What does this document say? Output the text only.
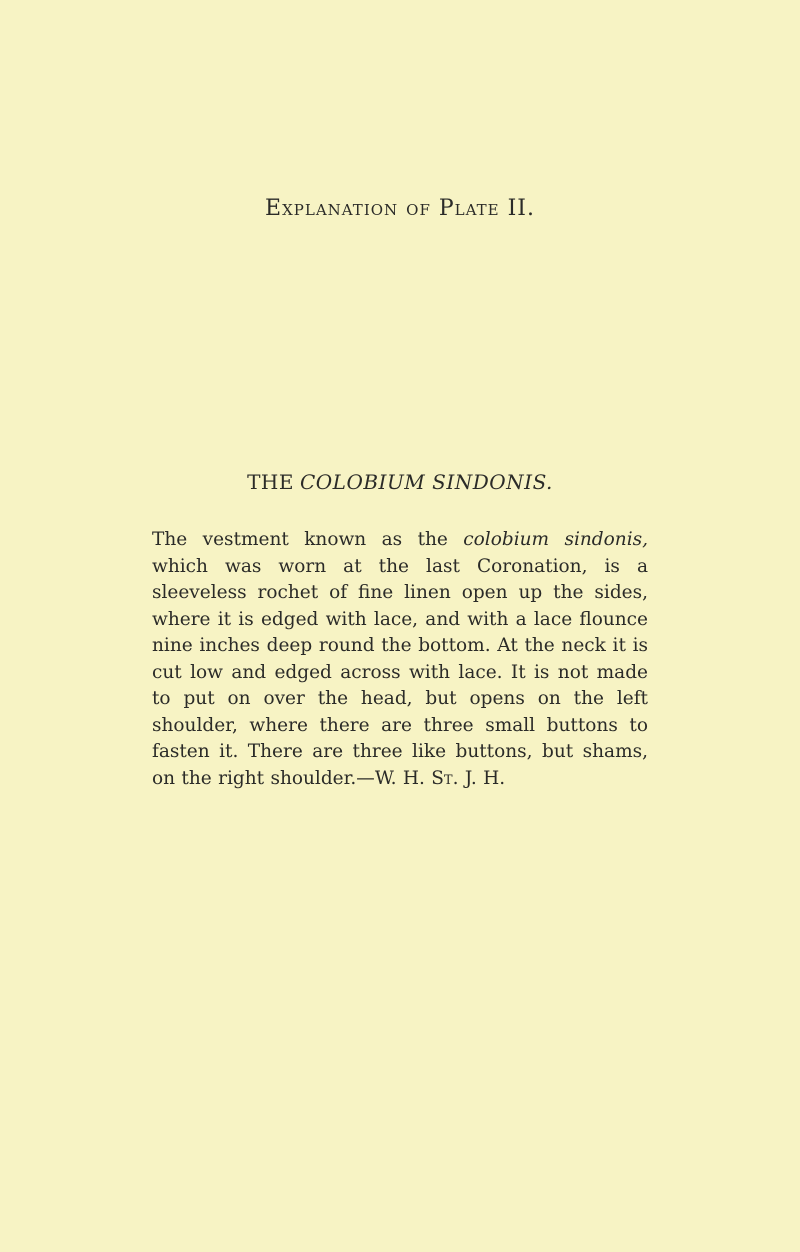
Explanation of Plate II.
THE COLOBIUM SINDONIS.

The vestment known as the colobium sindonis, which was worn at the last Coronation, is a sleeveless rochet of fine linen open up the sides, where it is edged with lace, and with a lace flounce nine inches deep round the bottom. At the neck it is cut low and edged across with lace. It is not made to put on over the head, but opens on the left shoulder, where there are three small buttons to fasten it. There are three like buttons, but shams, on the right shoulder.—W. H. St. J. H.
